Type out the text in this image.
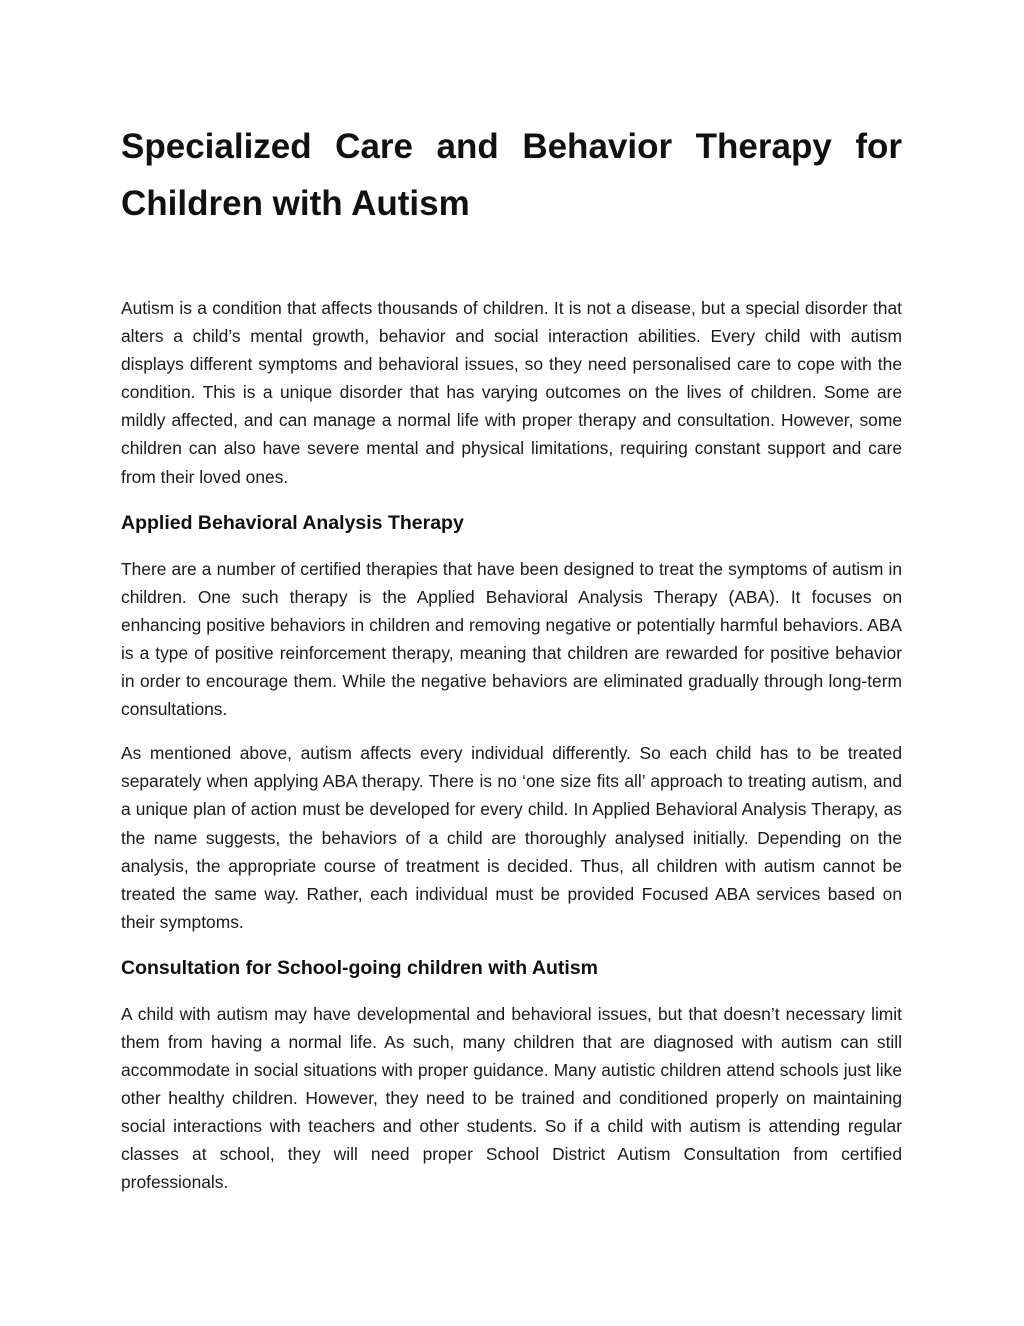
Specialized Care and Behavior Therapy for Children with Autism

Autism is a condition that affects thousands of children. It is not a disease, but a special disorder that alters a child’s mental growth, behavior and social interaction abilities. Every child with autism displays different symptoms and behavioral issues, so they need personalised care to cope with the condition. This is a unique disorder that has varying outcomes on the lives of children. Some are mildly affected, and can manage a normal life with proper therapy and consultation. However, some children can also have severe mental and physical limitations, requiring constant support and care from their loved ones.

Applied Behavioral Analysis Therapy

There are a number of certified therapies that have been designed to treat the symptoms of autism in children. One such therapy is the Applied Behavioral Analysis Therapy (ABA). It focuses on enhancing positive behaviors in children and removing negative or potentially harmful behaviors. ABA is a type of positive reinforcement therapy, meaning that children are rewarded for positive behavior in order to encourage them. While the negative behaviors are eliminated gradually through long-term consultations.

As mentioned above, autism affects every individual differently. So each child has to be treated separately when applying ABA therapy. There is no ‘one size fits all’ approach to treating autism, and a unique plan of action must be developed for every child. In Applied Behavioral Analysis Therapy, as the name suggests, the behaviors of a child are thoroughly analysed initially. Depending on the analysis, the appropriate course of treatment is decided. Thus, all children with autism cannot be treated the same way. Rather, each individual must be provided Focused ABA services based on their symptoms.

Consultation for School-going children with Autism

A child with autism may have developmental and behavioral issues, but that doesn’t necessary limit them from having a normal life. As such, many children that are diagnosed with autism can still accommodate in social situations with proper guidance. Many autistic children attend schools just like other healthy children. However, they need to be trained and conditioned properly on maintaining social interactions with teachers and other students. So if a child with autism is attending regular classes at school, they will need proper School District Autism Consultation from certified professionals.
